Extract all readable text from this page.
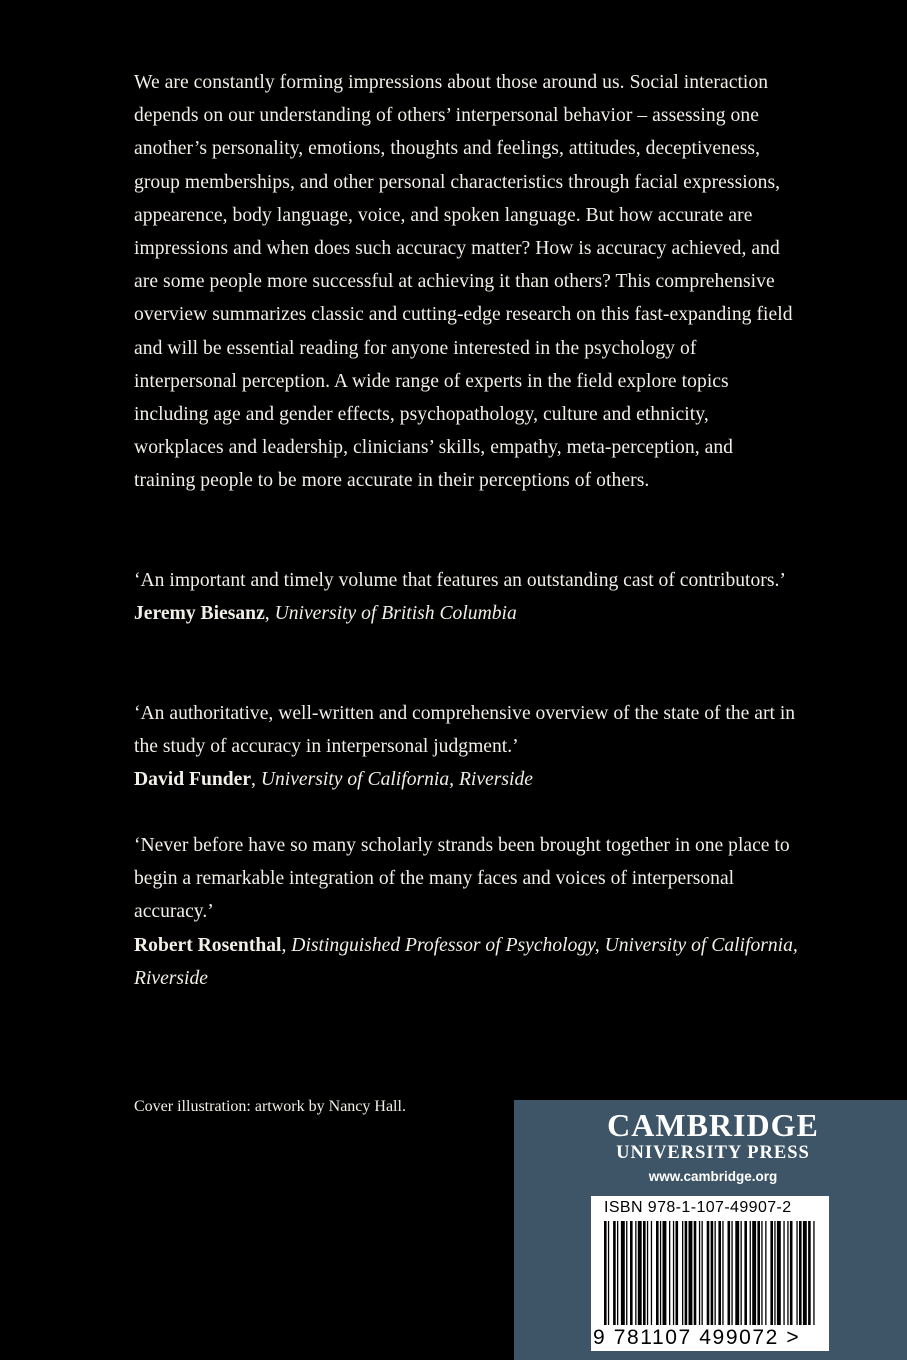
We are constantly forming impressions about those around us. Social interaction depends on our understanding of others’ interpersonal behavior – assessing one another’s personality, emotions, thoughts and feelings, attitudes, deceptiveness, group memberships, and other personal characteristics through facial expressions, appearence, body language, voice, and spoken language. But how accurate are impressions and when does such accuracy matter? How is accuracy achieved, and are some people more successful at achieving it than others? This comprehensive overview summarizes classic and cutting-edge research on this fast-expanding field and will be essential reading for anyone interested in the psychology of interpersonal perception. A wide range of experts in the field explore topics including age and gender effects, psychopathology, culture and ethnicity, workplaces and leadership, clinicians’ skills, empathy, meta-perception, and training people to be more accurate in their perceptions of others.

‘An important and timely volume that features an outstanding cast of contributors.’

Jeremy Biesanz, University of British Columbia

‘An authoritative, well-written and comprehensive overview of the state of the art in the study of accuracy in interpersonal judgment.’

David Funder, University of California, Riverside

‘Never before have so many scholarly strands been brought together in one place to begin a remarkable integration of the many faces and voices of interpersonal accuracy.’

Robert Rosenthal, Distinguished Professor of Psychology, University of California, Riverside

Cover illustration: artwork by Nancy Hall.
CAMBRIDGE
UNIVERSITY PRESS
www.cambridge.org
ISBN 978-1-107-49907-2
9 781107 499072 >
